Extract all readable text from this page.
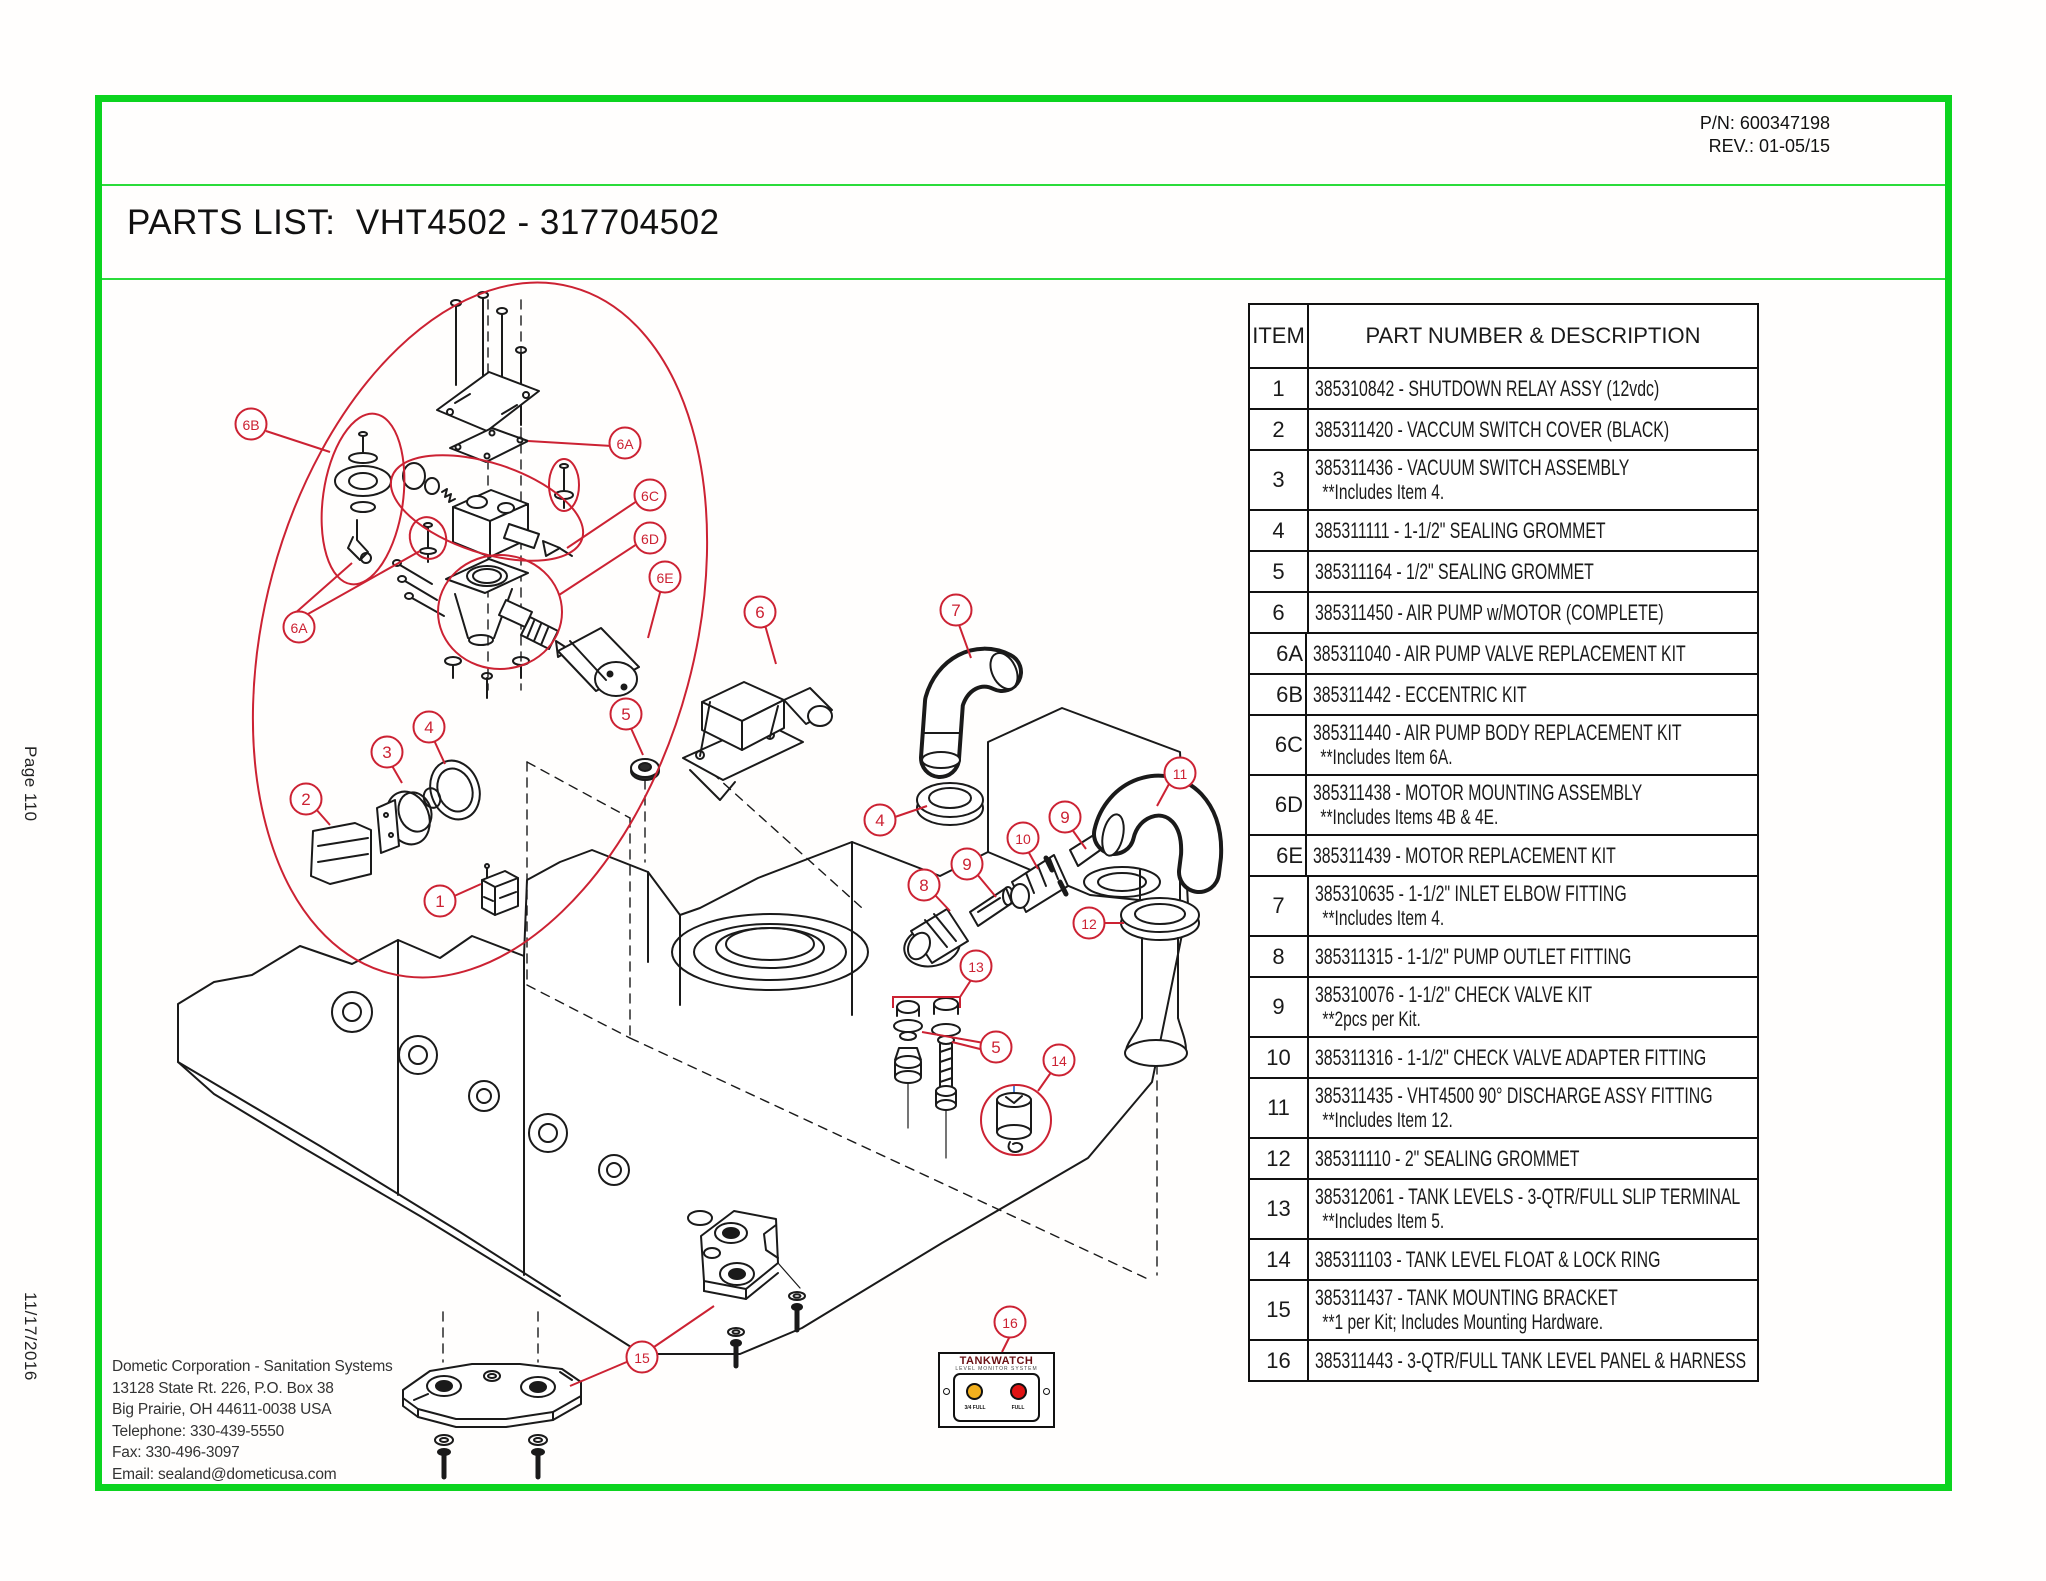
P/N: 600347198
REV.: 01-05/15
PARTS LIST:  VHT4502 - 317704502
Page 110
11/17/2016
6B
6A
6C
6D
6E
6A
2
3
4
1
5
6	7
4
8
9
10
9
11
12
13
5
14
15
16
ITEM	PART NUMBER & DESCRIPTION
1	385310842 - SHUTDOWN RELAY ASSY (12vdc)
2	385311420 - VACCUM SWITCH COVER (BLACK)
3	385311436 - VACUUM SWITCH ASSEMBLY
**Includes Item 4.
4	385311111 - 1-1/2" SEALING GROMMET
5	385311164 - 1/2" SEALING GROMMET
6	385311450 - AIR PUMP w/MOTOR (COMPLETE)
6A 385311040 - AIR PUMP VALVE REPLACEMENT KIT
6B 385311442 - ECCENTRIC KIT
6C 385311440 - AIR PUMP BODY REPLACEMENT KIT
**Includes Item 6A.
6D 385311438 - MOTOR MOUNTING ASSEMBLY
**Includes Items 4B & 4E.
6E 385311439 - MOTOR REPLACEMENT KIT
7	385310635 - 1-1/2" INLET ELBOW FITTING
**Includes Item 4.
8	385311315 - 1-1/2" PUMP OUTLET FITTING
9	385310076 - 1-1/2" CHECK VALVE KIT
**2pcs per Kit.
10	385311316 - 1-1/2" CHECK VALVE ADAPTER FITTING
11	385311435 - VHT4500 90° DISCHARGE ASSY FITTING
**Includes Item 12.
12	385311110 - 2" SEALING GROMMET
13	385312061 - TANK LEVELS - 3-QTR/FULL SLIP TERMINAL
**Includes Item 5.
14	385311103 - TANK LEVEL FLOAT & LOCK RING
15	385311437 - TANK MOUNTING BRACKET
**1 per Kit; Includes Mounting Hardware.
16	385311443 - 3-QTR/FULL TANK LEVEL PANEL & HARNESS
Dometic Corporation - Sanitation Systems
13128 State Rt. 226, P.O. Box 38
Big Prairie, OH 44611-0038 USA
Telephone: 330-439-5550
Fax: 330-496-3097
Email: sealand@dometicusa.com
TANKWATCH
LEVEL MONITOR SYSTEM
3/4 FULL	FULL
